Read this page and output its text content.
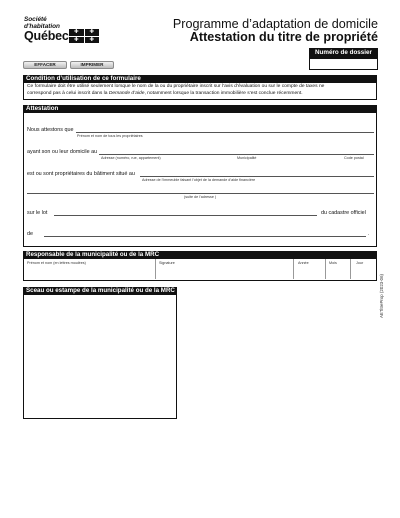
Société
d'habitation
Québec ✚	✚
✚	✚
Programme d’adaptation de domicile
Attestation du titre de propriété
Numéro de dossier
EFFACER	IMPRIMER
Condition d’utilisation de ce formulaire
Ce formulaire doit être utilisé seulement lorsque le nom de la ou du propriétaire inscrit sur l’avis d’évaluation ou sur le compte de taxes ne
correspond pas à celui inscrit dans la Demande d’aide, notamment lorsque la transaction immobilière s’est conclue récemment.
Attestation
Nous attestons que
Prénom et nom de tous les propriétaires
ayant son ou leur domicile au
Adresse (numéro, rue, appartement)	Municipalité	Code postal
est ou sont propriétaires du bâtiment situé au
Adresse de l’immeuble faisant l’objet de la demande d’aide financière
(suite de l’adresse )
sur le lot	du cadastre officiel
de	.
Responsable de la municipalité ou de la MRC
Prénom et nom (en lettres moulées)	Signature	Année	Mois	Jour
AETitreProp (2023-06)
Sceau ou estampe de la municipalité ou de la MRC
